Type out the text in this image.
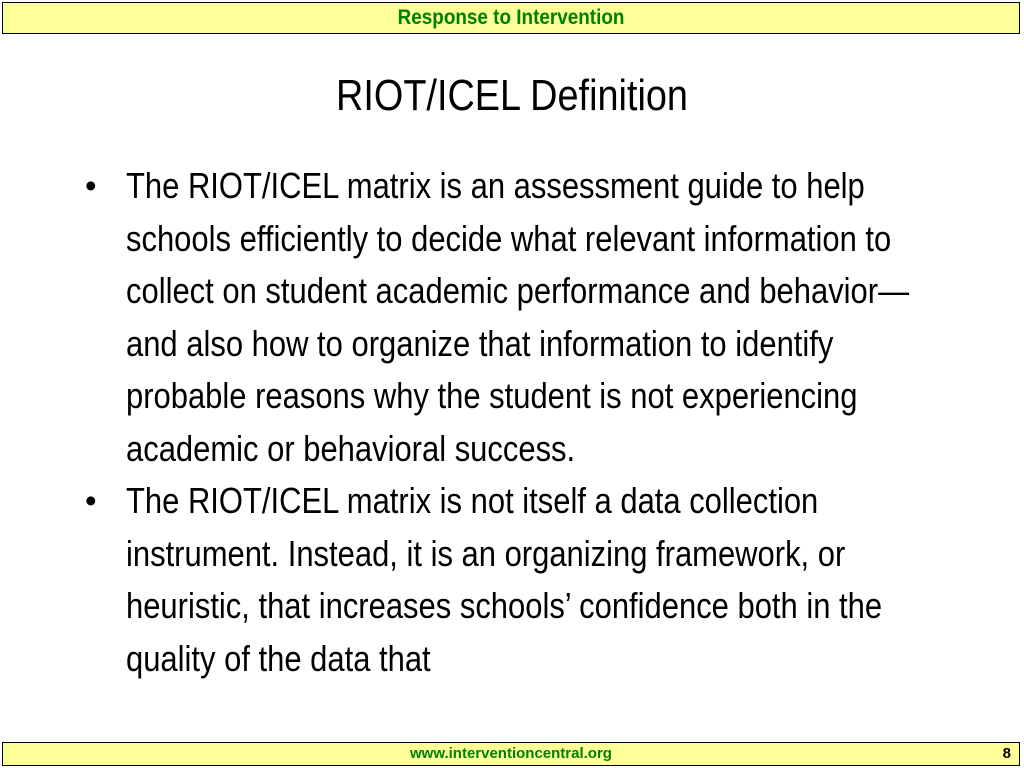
Response to Intervention
RIOT/ICEL Definition
• The RIOT/ICEL matrix is an assessment guide to help schools efficiently to decide what relevant information to collect on student academic performance and behavior—and also how to organize that information to identify probable reasons why the student is not experiencing academic or behavioral success.
• The RIOT/ICEL matrix is not itself a data collection instrument. Instead, it is an organizing framework, or heuristic, that increases schools’ confidence both in the quality of the data that
www.interventioncentral.org	8
